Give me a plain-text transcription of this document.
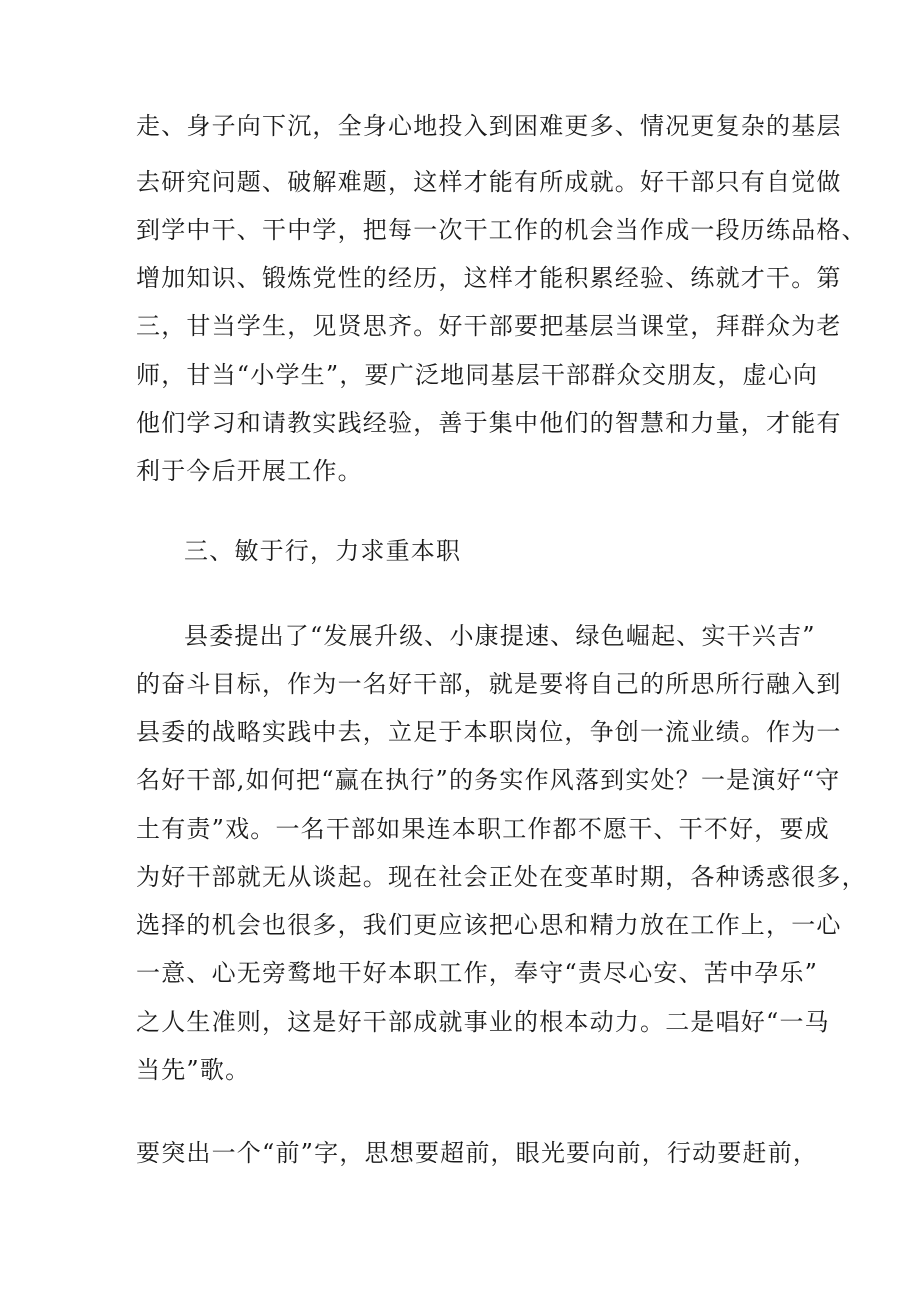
走、身子向下沉，全身心地投入到困难更多、情况更复杂的基层
去研究问题、破解难题，这样才能有所成就。好干部只有自觉做
到学中干、干中学，把每一次干工作的机会当作成一段历练品格、
增加知识、锻炼党性的经历，这样才能积累经验、练就才干。第
三，甘当学生，见贤思齐。好干部要把基层当课堂，拜群众为老
师，甘当“小学生”，要广泛地同基层干部群众交朋友，虚心向
他们学习和请教实践经验，善于集中他们的智慧和力量，才能有
利于今后开展工作。
三、敏于行，力求重本职
县委提出了“发展升级、小康提速、绿色崛起、实干兴吉”
的奋斗目标，作为一名好干部，就是要将自己的所思所行融入到
县委的战略实践中去，立足于本职岗位，争创一流业绩。作为一
名好干部,如何把“赢在执行”的务实作风落到实处？一是演好“守
土有责”戏。一名干部如果连本职工作都不愿干、干不好，要成
为好干部就无从谈起。现在社会正处在变革时期，各种诱惑很多，
选择的机会也很多，我们更应该把心思和精力放在工作上，一心
一意、心无旁鹜地干好本职工作，奉守“责尽心安、苦中孕乐”
之人生准则，这是好干部成就事业的根本动力。二是唱好“一马
当先”歌。
要突出一个“前”字，思想要超前，眼光要向前，行动要赶前，
